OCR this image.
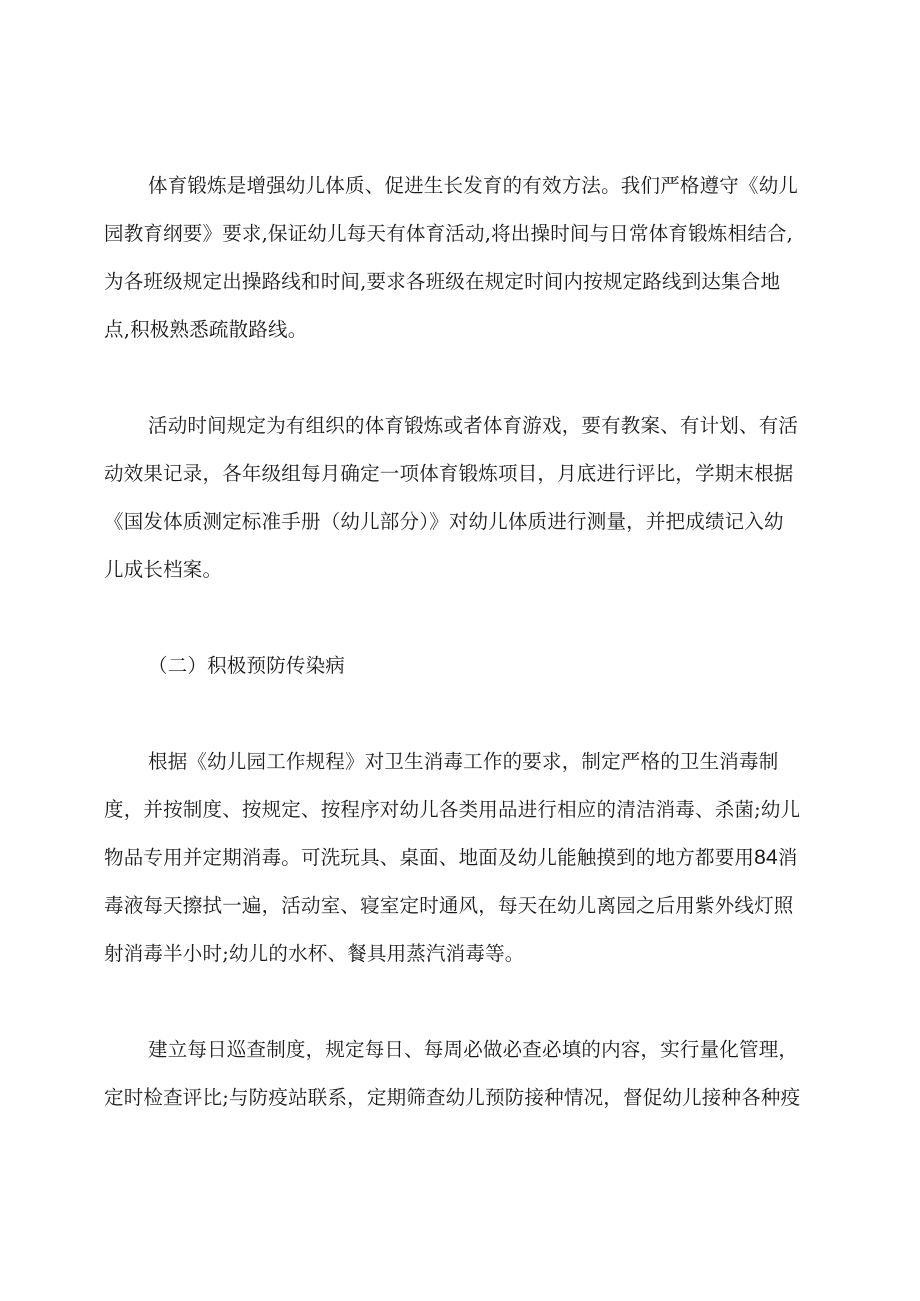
体育锻炼是增强幼儿体质、促进生长发育的有效方法。我们严格遵守《幼儿
园教育纲要》要求,保证幼儿每天有体育活动,将出操时间与日常体育锻炼相结合,
为各班级规定出操路线和时间,要求各班级在规定时间内按规定路线到达集合地
点,积极熟悉疏散路线。
活动时间规定为有组织的体育锻炼或者体育游戏，要有教案、有计划、有活
动效果记录，各年级组每月确定一项体育锻炼项目，月底进行评比，学期末根据
《国发体质测定标准手册（幼儿部分）》对幼儿体质进行测量，并把成绩记入幼
儿成长档案。
（二）积极预防传染病
根据《幼儿园工作规程》对卫生消毒工作的要求，制定严格的卫生消毒制
度，并按制度、按规定、按程序对幼儿各类用品进行相应的清洁消毒、杀菌;幼儿
物品专用并定期消毒。可洗玩具、桌面、地面及幼儿能触摸到的地方都要用84消
毒液每天擦拭一遍，活动室、寝室定时通风，每天在幼儿离园之后用紫外线灯照
射消毒半小时;幼儿的水杯、餐具用蒸汽消毒等。
建立每日巡查制度，规定每日、每周必做必查必填的内容，实行量化管理，
定时检查评比;与防疫站联系，定期筛查幼儿预防接种情况，督促幼儿接种各种疫
